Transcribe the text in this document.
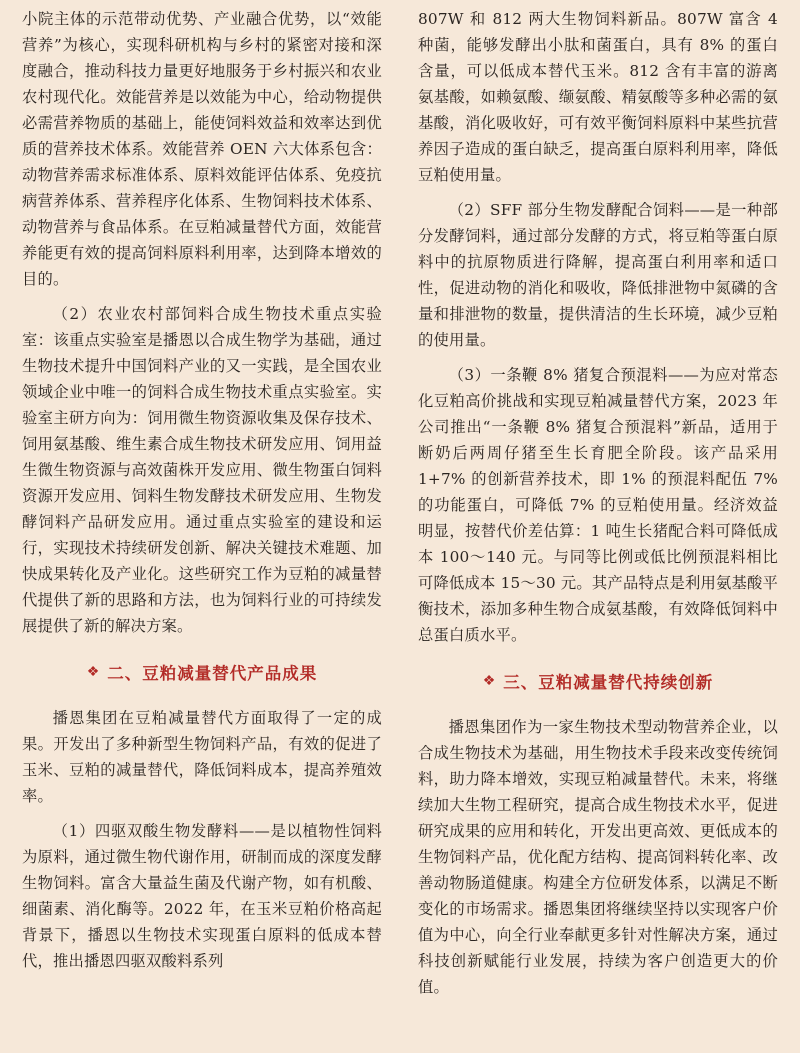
小院主体的示范带动优势、产业融合优势，以“效能营养”为核心，实现科研机构与乡村的紧密对接和深度融合，推动科技力量更好地服务于乡村振兴和农业农村现代化。效能营养是以效能为中心，给动物提供必需营养物质的基础上，能使饲料效益和效率达到优质的营养技术体系。效能营养 OEN 六大体系包含：动物营养需求标准体系、原料效能评估体系、免疫抗病营养体系、营养程序化体系、生物饲料技术体系、动物营养与食品体系。在豆粕减量替代方面，效能营养能更有效的提高饲料原料利用率，达到降本增效的目的。

（2）农业农村部饲料合成生物技术重点实验室：该重点实验室是播恩以合成生物学为基础，通过生物技术提升中国饲料产业的又一实践，是全国农业领域企业中唯一的饲料合成生物技术重点实验室。实验室主研方向为：饲用微生物资源收集及保存技术、饲用氨基酸、维生素合成生物技术研发应用、饲用益生微生物资源与高效菌株开发应用、微生物蛋白饲料资源开发应用、饲料生物发酵技术研发应用、生物发酵饲料产品研发应用。通过重点实验室的建设和运行，实现技术持续研发创新、解决关键技术难题、加快成果转化及产业化。这些研究工作为豆粕的减量替代提供了新的思路和方法，也为饲料行业的可持续发展提供了新的解决方案。

❖ 二、豆粕减量替代产品成果

播恩集团在豆粕减量替代方面取得了一定的成果。开发出了多种新型生物饲料产品，有效的促进了玉米、豆粕的减量替代，降低饲料成本，提高养殖效率。

（1）四驱双酸生物发酵料——是以植物性饲料为原料，通过微生物代谢作用，研制而成的深度发酵生物饲料。富含大量益生菌及代谢产物，如有机酸、细菌素、消化酶等。2022 年，在玉米豆粕价格高起背景下，播恩以生物技术实现蛋白原料的低成本替代，推出播恩四驱双酸料系列

807W 和 812 两大生物饲料新品。807W 富含 4 种菌，能够发酵出小肽和菌蛋白，具有 8% 的蛋白含量，可以低成本替代玉米。812 含有丰富的游离氨基酸，如赖氨酸、缬氨酸、精氨酸等多种必需的氨基酸，消化吸收好，可有效平衡饲料原料中某些抗营养因子造成的蛋白缺乏，提高蛋白原料利用率，降低豆粕使用量。

（2）SFF 部分生物发酵配合饲料——是一种部分发酵饲料，通过部分发酵的方式，将豆粕等蛋白原料中的抗原物质进行降解，提高蛋白利用率和适口性，促进动物的消化和吸收，降低排泄物中氮磷的含量和排泄物的数量，提供清洁的生长环境，减少豆粕的使用量。

（3）一条鞭 8% 猪复合预混料——为应对常态化豆粕高价挑战和实现豆粕减量替代方案，2023 年公司推出“一条鞭 8% 猪复合预混料”新品，适用于断奶后两周仔猪至生长育肥全阶段。该产品采用 1+7% 的创新营养技术，即 1% 的预混料配伍 7% 的功能蛋白，可降低 7% 的豆粕使用量。经济效益明显，按替代价差估算：1 吨生长猪配合料可降低成本 100～140 元。与同等比例或低比例预混料相比可降低成本 15～30 元。其产品特点是利用氨基酸平衡技术，添加多种生物合成氨基酸，有效降低饲料中总蛋白质水平。

❖ 三、豆粕减量替代持续创新

播恩集团作为一家生物技术型动物营养企业，以合成生物技术为基础，用生物技术手段来改变传统饲料，助力降本增效，实现豆粕减量替代。未来，将继续加大生物工程研究，提高合成生物技术水平，促进研究成果的应用和转化，开发出更高效、更低成本的生物饲料产品，优化配方结构、提高饲料转化率、改善动物肠道健康。构建全方位研发体系，以满足不断变化的市场需求。播恩集团将继续坚持以实现客户价值为中心，向全行业奉献更多针对性解决方案，通过科技创新赋能行业发展，持续为客户创造更大的价值。
